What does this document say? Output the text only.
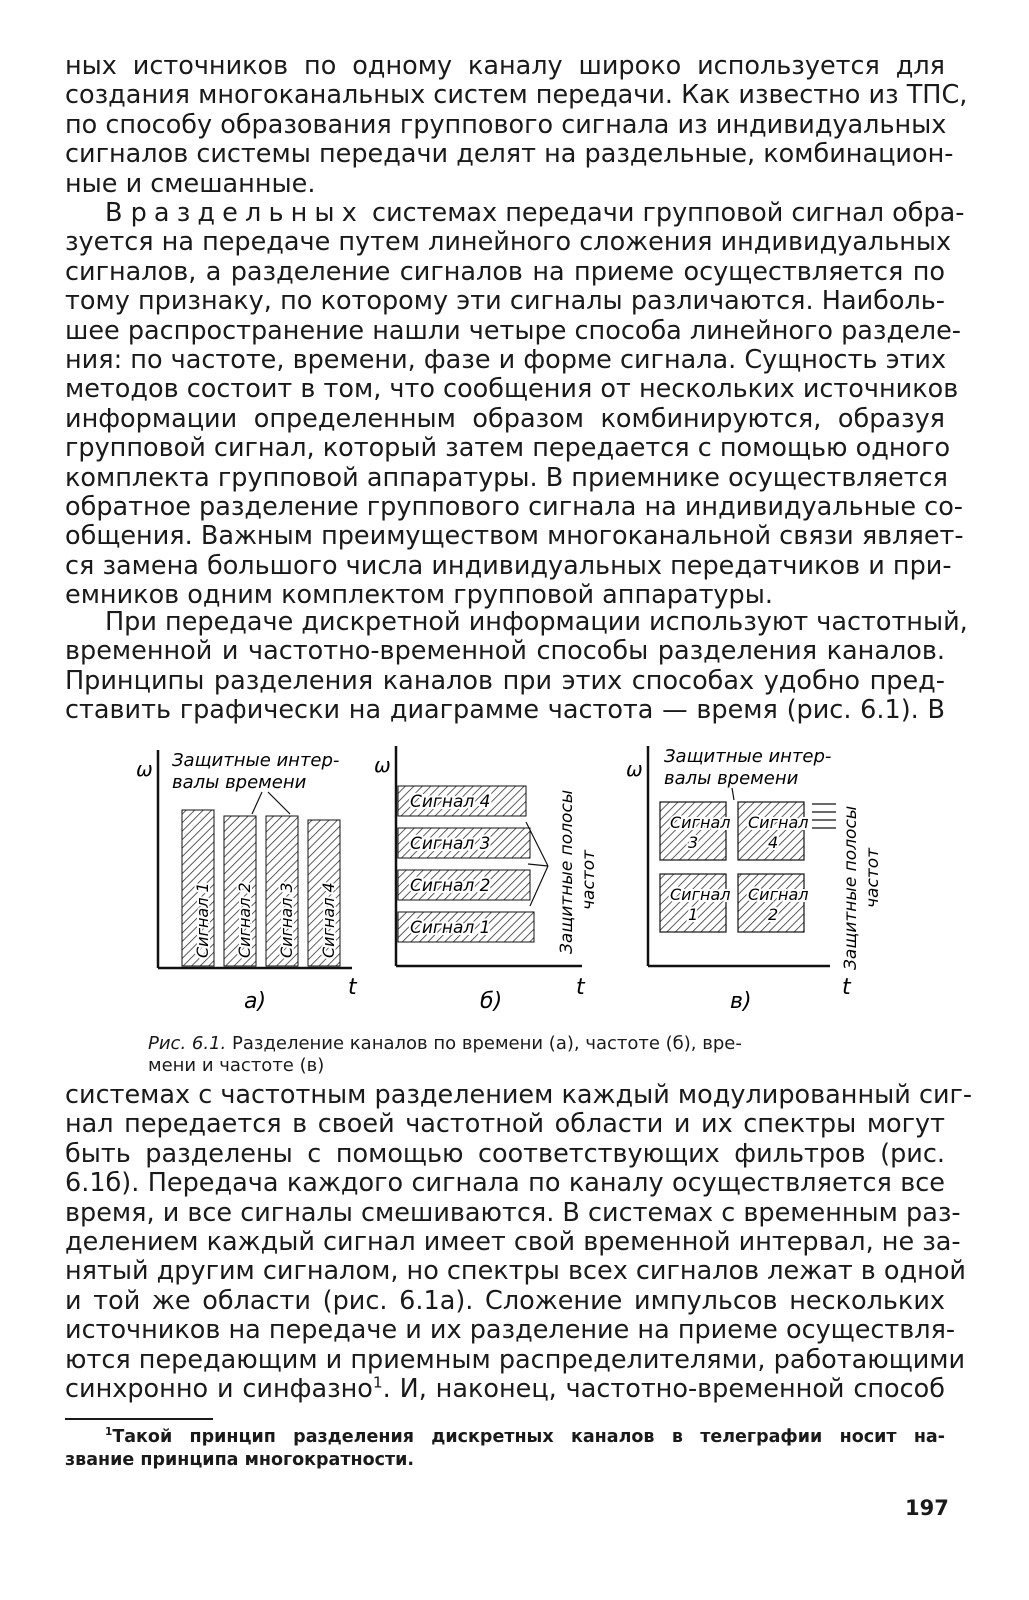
ных источников по одному каналу широко используется для
создания многоканальных систем передачи. Как известно из ТПС,
по способу образования группового сигнала из индивидуальных
сигналов системы передачи делят на раздельные, комбинацион-
ные и смешанные.

В раздельных системах передачи групповой сигнал обра-
зуется на передаче путем линейного сложения индивидуальных
сигналов, а разделение сигналов на приеме осуществляется по
тому признаку, по которому эти сигналы различаются. Наиболь-
шее распространение нашли четыре способа линейного разделе-
ния: по частоте, времени, фазе и форме сигнала. Сущность этих
методов состоит в том, что сообщения от нескольких источников
информации определенным образом комбинируются, образуя
групповой сигнал, который затем передается с помощью одного
комплекта групповой аппаратуры. В приемнике осуществляется
обратное разделение группового сигнала на индивидуальные со-
общения. Важным преимуществом многоканальной связи являет-
ся замена большого числа индивидуальных передатчиков и при-
емников одним комплектом групповой аппаратуры.

При передаче дискретной информации используют частотный,
временной и частотно-временной способы разделения каналов.
Принципы разделения каналов при этих способах удобно пред-
ставить графически на диаграмме частота — время (рис. 6.1). В

ω Защитные интер-
валы времени
Сигнал 1 Сигнал 2 Сигнал 3 Сигнал 4
t
а)
ω
Сигнал 4
Сигнал 3
Сигнал 2
Сигнал 1	Защитные полосы частот
t
б)
ω
Защитные интер-
валы времени
Сигнал
3
Сигнал
4
Сигнал
1
Сигнал
2	Защитные полосы частот
t
в)

Рис. 6.1. Разделение каналов по времени (а), частоте (б), вре-
мени и частоте (в)

системах с частотным разделением каждый модулированный сиг-
нал передается в своей частотной области и их спектры могут
быть разделены с помощью соответствующих фильтров (рис.
6.1б). Передача каждого сигнала по каналу осуществляется все
время, и все сигналы смешиваются. В системах с временным раз-
делением каждый сигнал имеет свой временной интервал, не за-
нятый другим сигналом, но спектры всех сигналов лежат в одной
и той же области (рис. 6.1а). Сложение импульсов нескольких
источников на передаче и их разделение на приеме осуществля-
ются передающим и приемным распределителями, работающими
синхронно и синфазно$^1$. И, наконец, частотно-временной способ

$^1$Такой принцип разделения дискретных каналов в телеграфии носит на-
звание принципа многократности.

197
